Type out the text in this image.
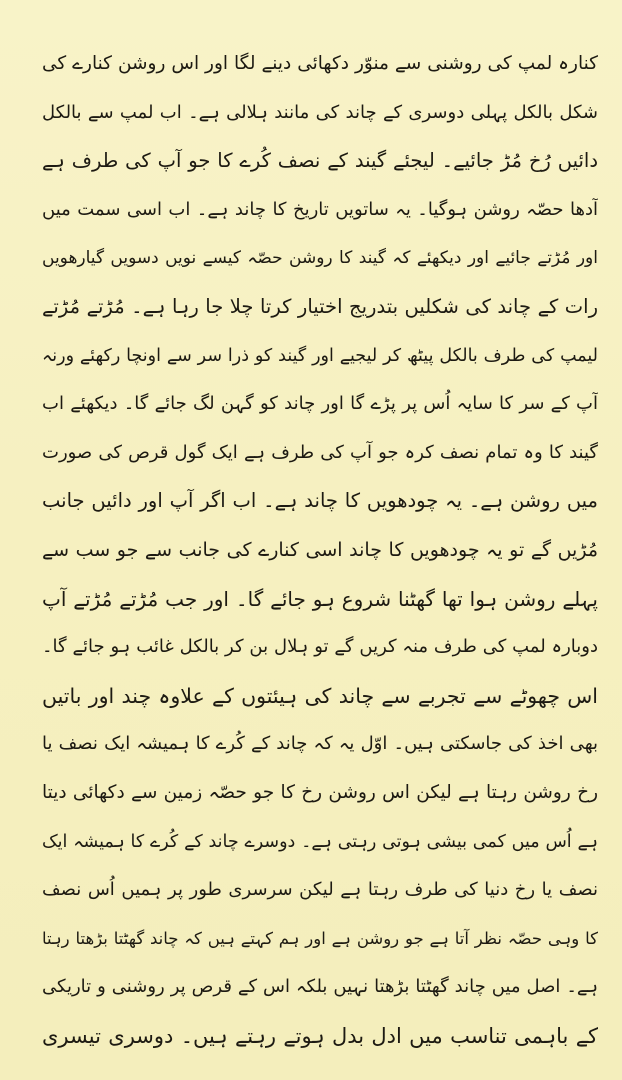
کنارہ لمپ کی روشنی سے منوّر دکھائی دینے لگا اور اس روشن کنارے کی
شکل بالکل پہلی دوسری کے چاند کی مانند ہلالی ہے۔ اب لمپ سے بالکل
دائیں رُخ مُڑ جائیے۔ لیجئے گیند کے نصف کُرے کا جو آپ کی طرف ہے
آدھا حصّہ روشن ہوگیا۔ یہ ساتویں تاریخ کا چاند ہے۔ اب اسی سمت میں
اور مُڑتے جائیے اور دیکھئے کہ گیند کا روشن حصّہ کیسے نویں دسویں گیارھویں
رات کے چاند کی شکلیں بتدریج اختیار کرتا چلا جا رہا ہے۔ مُڑتے مُڑتے
لیمپ کی طرف بالکل پیٹھ کر لیجیے اور گیند کو ذرا سر سے اونچا رکھئے ورنہ
آپ کے سر کا سایہ اُس پر پڑے گا اور چاند کو گہن لگ جائے گا۔ دیکھئے اب
گیند کا وہ تمام نصف کرہ جو آپ کی طرف ہے ایک گول قرص کی صورت
میں روشن ہے۔ یہ چودھویں کا چاند ہے۔ اب اگر آپ اور دائیں جانب
مُڑیں گے تو یہ چودھویں کا چاند اسی کنارے کی جانب سے جو سب سے
پہلے روشن ہوا تھا گھٹنا شروع ہو جائے گا۔ اور جب مُڑتے مُڑتے آپ
دوبارہ لمپ کی طرف منہ کریں گے تو ہلال بن کر بالکل غائب ہو جائے گا۔
اس چھوٹے سے تجربے سے چاند کی ہیئتوں کے علاوہ چند اور باتیں
بھی اخذ کی جاسکتی ہیں۔ اوّل یہ کہ چاند کے کُرے کا ہمیشہ ایک نصف یا
رخ روشن رہتا ہے لیکن اس روشن رخ کا جو حصّہ زمین سے دکھائی دیتا
ہے اُس میں کمی بیشی ہوتی رہتی ہے۔ دوسرے چاند کے کُرے کا ہمیشہ ایک
نصف یا رخ دنیا کی طرف رہتا ہے لیکن سرسری طور پر ہمیں اُس نصف
کا وہی حصّہ نظر آتا ہے جو روشن ہے اور ہم کہتے ہیں کہ چاند گھٹتا بڑھتا رہتا
ہے۔ اصل میں چاند گھٹتا بڑھتا نہیں بلکہ اس کے قرص پر روشنی و تاریکی
کے باہمی تناسب میں ادل بدل ہوتے رہتے ہیں۔ دوسری تیسری
